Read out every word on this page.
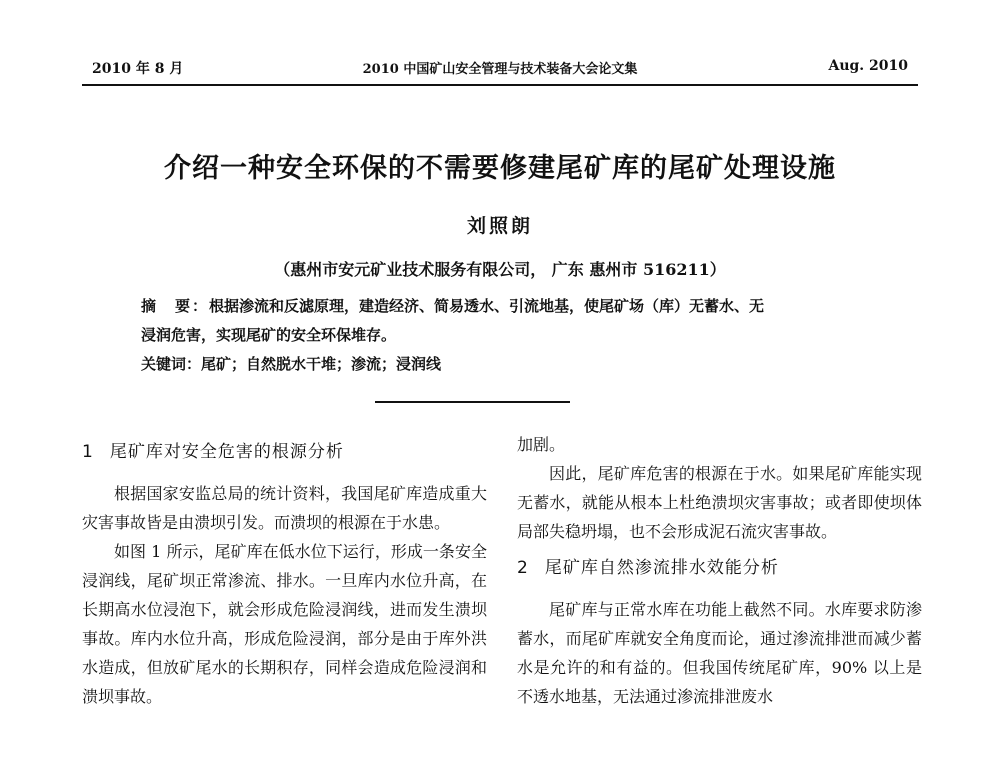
2010 年 8 月	2010 中国矿山安全管理与技术装备大会论文集	Aug. 2010
介绍一种安全环保的不需要修建尾矿库的尾矿处理设施
刘照朗
（惠州市安元矿业技术服务有限公司， 广东 惠州市 516211）

摘　要：根据渗流和反滤原理，建造经济、简易透水、引流地基，使尾矿场（库）无蓄水、无

浸润危害，实现尾矿的安全环保堆存。

关键词：尾矿；自然脱水干堆；渗流；浸润线

1 尾矿库对安全危害的根源分析

根据国家安监总局的统计资料，我国尾矿库造成重大灾害事故皆是由溃坝引发。而溃坝的根源在于水患。

如图 1 所示，尾矿库在低水位下运行，形成一条安全浸润线，尾矿坝正常渗流、排水。一旦库内水位升高，在长期高水位浸泡下，就会形成危险浸润线，进而发生溃坝事故。库内水位升高，形成危险浸润，部分是由于库外洪水造成，但放矿尾水的长期积存，同样会造成危险浸润和溃坝事故。

加剧。

因此，尾矿库危害的根源在于水。如果尾矿库能实现无蓄水，就能从根本上杜绝溃坝灾害事故；或者即使坝体局部失稳坍塌，也不会形成泥石流灾害事故。

2 尾矿库自然渗流排水效能分析

尾矿库与正常水库在功能上截然不同。水库要求防渗蓄水，而尾矿库就安全角度而论，通过渗流排泄而减少蓄水是允许的和有益的。但我国传统尾矿库，90% 以上是不透水地基，无法通过渗流排泄废水
